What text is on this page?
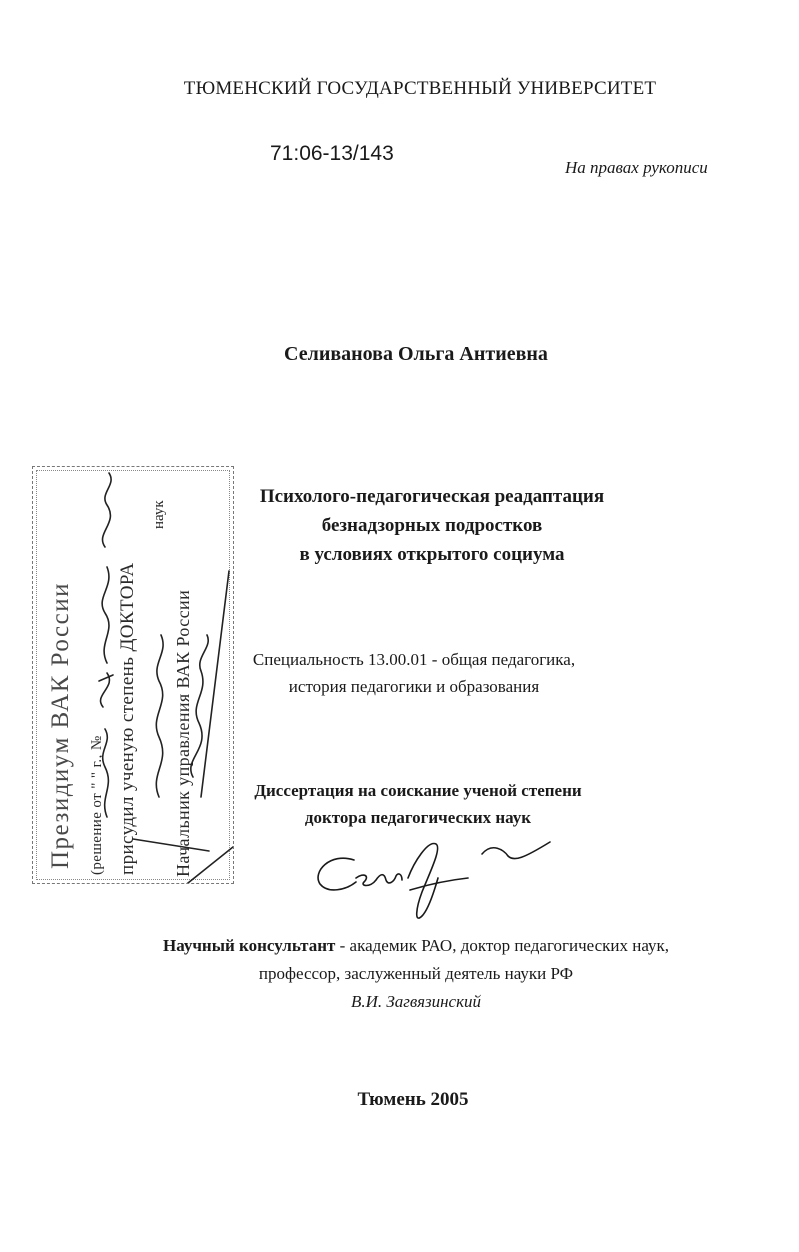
ТЮМЕНСКИЙ ГОСУДАРСТВЕННЫЙ УНИВЕРСИТЕТ
71:06-13/143
На правах рукописи
Селиванова Ольга Антиевна
Психолого-педагогическая реадаптация
безнадзорных подростков
в условиях открытого социума
Специальность 13.00.01 - общая педагогика,
история педагогики и образования
Диссертация на соискание ученой степени
доктора педагогических наук
Научный консультант - академик РАО, доктор педагогических наук,
профессор, заслуженный деятель науки РФ
В.И. Загвязинский
Тюмень 2005
Президиум ВАК России (решение от " " г., № присудил ученую степень ДОКТОРА
наук
Начальник управления ВАК России
